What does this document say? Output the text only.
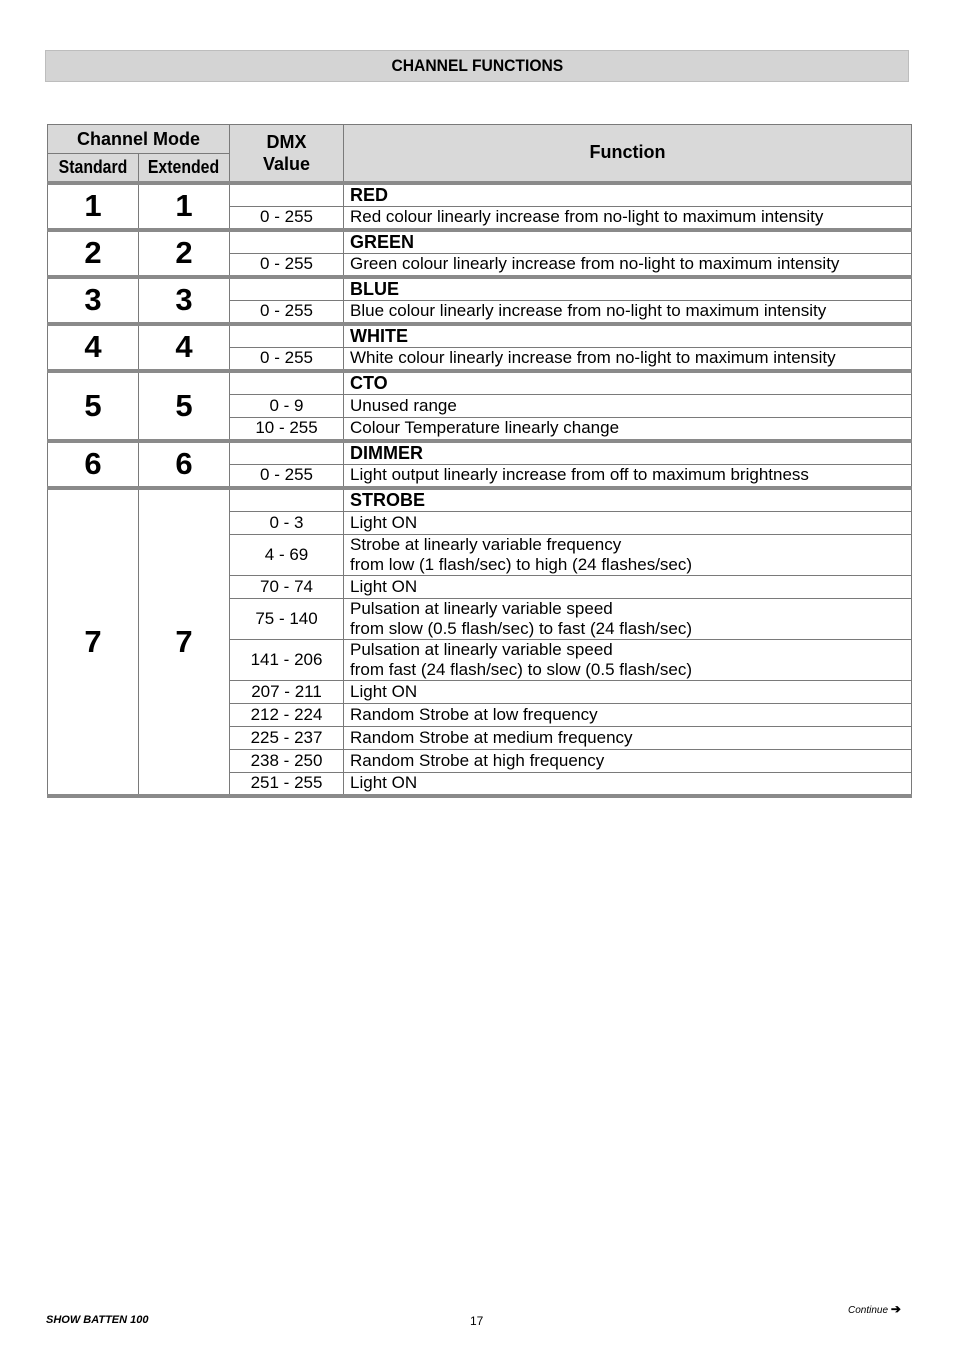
CHANNEL FUNCTIONS
Channel Mode		DMX Value	Function
Standard	Extended		
1	1		RED
		0 - 255	Red colour linearly increase from no-light to maximum intensity

2	2		GREEN
		0 - 255	Green colour linearly increase from no-light to maximum intensity

3	3		BLUE
		0 - 255	Blue colour linearly increase from no-light to maximum intensity

4	4		WHITE
		0 - 255	White colour linearly increase from no-light to maximum intensity

5	5		CTO
		0 - 9	Unused range

		10 - 255	Colour Temperature linearly change

6	6		DIMMER
		0 - 255	Light output linearly increase from off to maximum brightness

7	7		STROBE
		0 - 3	Light ON

		4 - 69	Strobe at linearly variable frequency
from low (1 flash/sec) to high (24 flashes/sec)

		70 - 74	Light ON

		75 - 140	Pulsation at linearly variable speed
from slow (0.5 flash/sec) to fast (24 flash/sec)

		141 - 206	Pulsation at linearly variable speed
from fast (24 flash/sec) to slow (0.5 flash/sec)

		207 - 211	Light ON

		212 - 224	Random Strobe at low frequency

		225 - 237	Random Strobe at medium frequency

		238 - 250	Random Strobe at high frequency

		251 - 255	Light ON
SHOW BATTEN 100	17
Continue ➔
